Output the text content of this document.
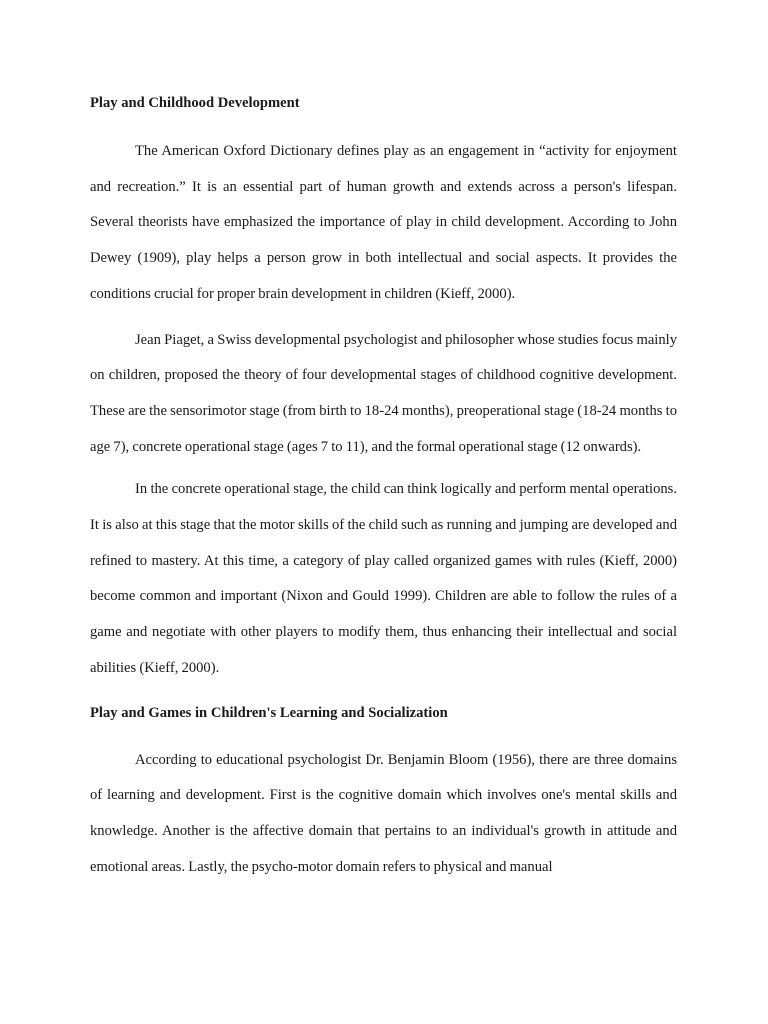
Play and Childhood Development

The American Oxford Dictionary defines play as an engagement in “activity for enjoyment and recreation.” It is an essential part of human growth and extends across a person's lifespan. Several theorists have emphasized the importance of play in child development. According to John Dewey (1909), play helps a person grow in both intellectual and social aspects. It provides the conditions crucial for proper brain development in children (Kieff, 2000).

Jean Piaget, a Swiss developmental psychologist and philosopher whose studies focus mainly on children, proposed the theory of four developmental stages of childhood cognitive development. These are the sensorimotor stage (from birth to 18-24 months), preoperational stage (18-24 months to age 7), concrete operational stage (ages 7 to 11), and the formal operational stage (12 onwards).

In the concrete operational stage, the child can think logically and perform mental operations. It is also at this stage that the motor skills of the child such as running and jumping are developed and refined to mastery. At this time, a category of play called organized games with rules (Kieff, 2000) become common and important (Nixon and Gould 1999). Children are able to follow the rules of a game and negotiate with other players to modify them, thus enhancing their intellectual and social abilities (Kieff, 2000).

Play and Games in Children's Learning and Socialization

According to educational psychologist Dr. Benjamin Bloom (1956), there are three domains of learning and development. First is the cognitive domain which involves one's mental skills and knowledge. Another is the affective domain that pertains to an individual's growth in attitude and emotional areas. Lastly, the psycho-motor domain refers to physical and manual
